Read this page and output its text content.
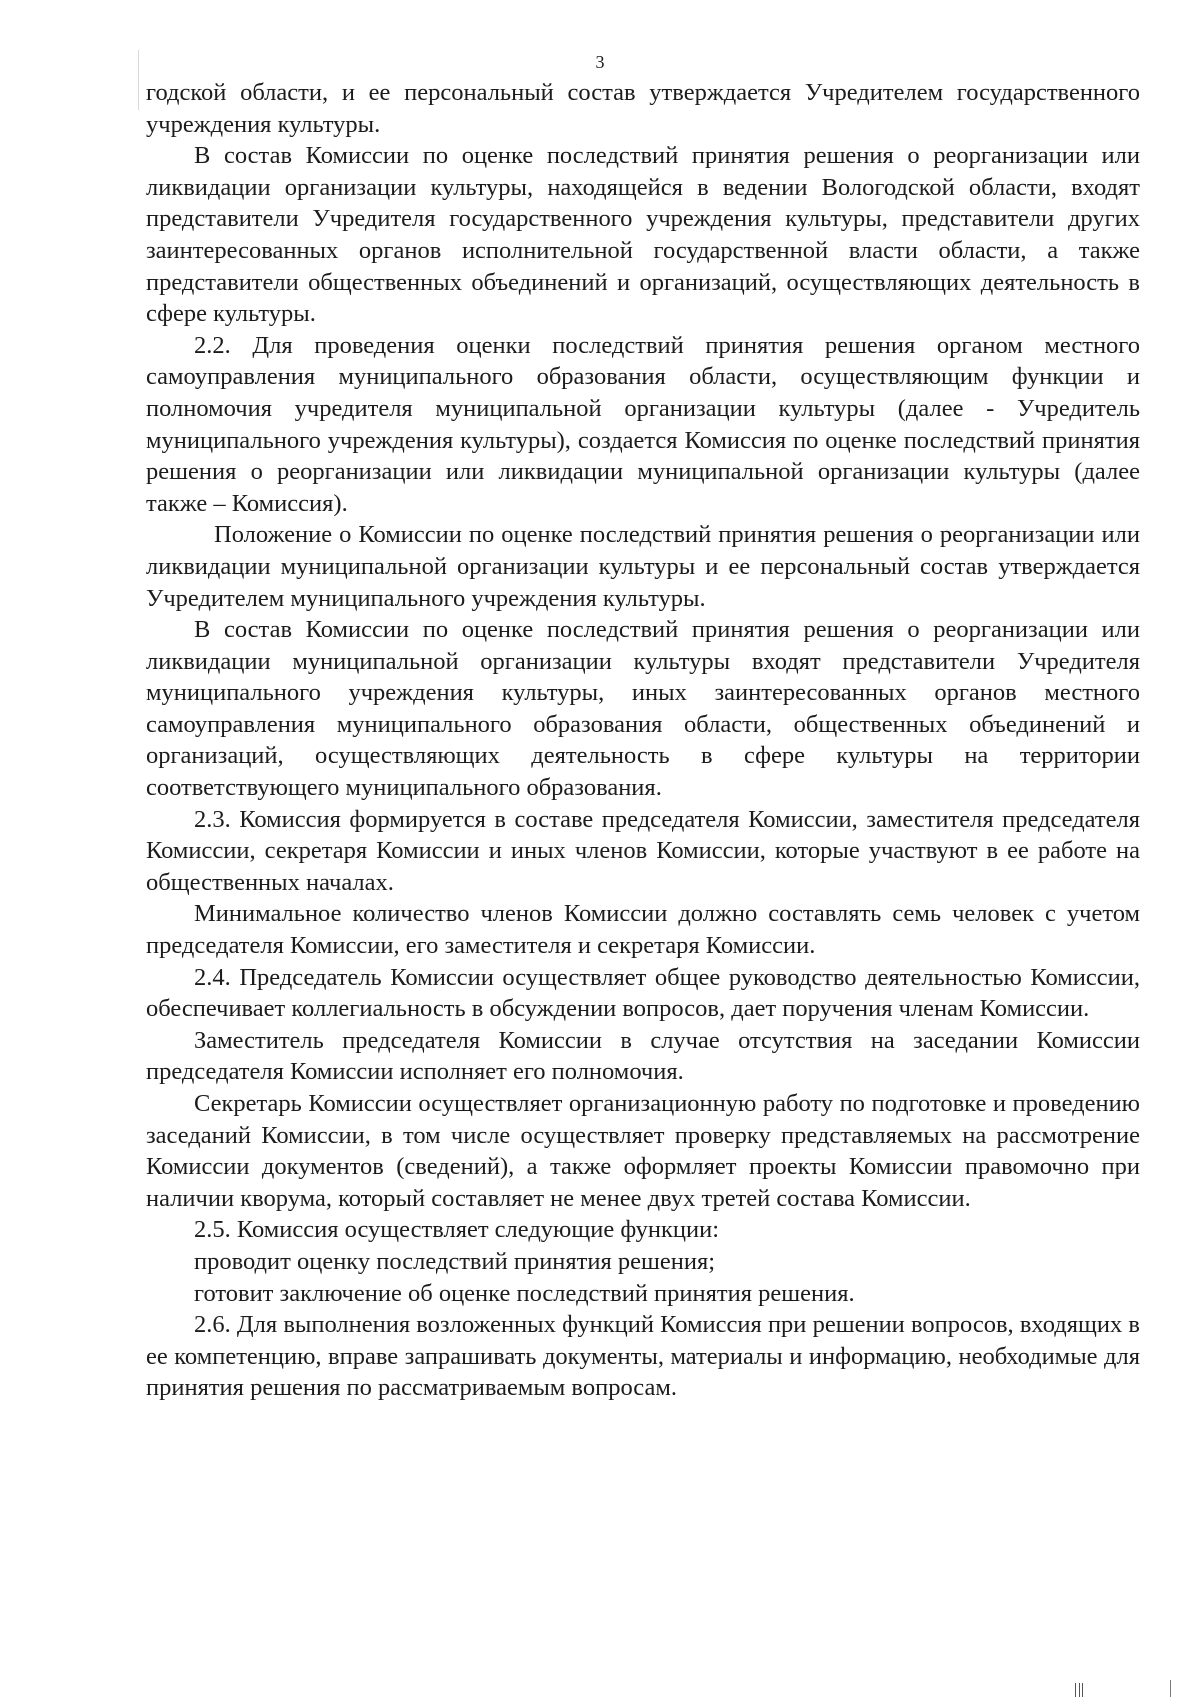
3

годской области, и ее персональный состав утверждается Учредителем государственного учреждения культуры.

В состав Комиссии по оценке последствий принятия решения о реорганизации или ликвидации организации культуры, находящейся в ведении Вологодской области, входят представители Учредителя государственного учреждения культуры, представители других заинтересованных органов исполнительной государственной власти области, а также представители общественных объединений и организаций, осуществляющих деятельность в сфере культуры.

2.2. Для проведения оценки последствий принятия решения органом местного самоуправления муниципального образования области, осуществляющим функции и полномочия учредителя муниципальной организации культуры (далее - Учредитель муниципального учреждения культуры), создается Комиссия по оценке последствий принятия решения о реорганизации или ликвидации муниципальной организации культуры (далее также – Комиссия).

Положение о Комиссии по оценке последствий принятия решения о реорганизации или ликвидации муниципальной организации культуры и ее персональный состав утверждается Учредителем муниципального учреждения культуры.

В состав Комиссии по оценке последствий принятия решения о реорганизации или ликвидации муниципальной организации культуры входят представители Учредителя муниципального учреждения культуры, иных заинтересованных органов местного самоуправления муниципального образования области, общественных объединений и организаций, осуществляющих деятельность в сфере культуры на территории соответствующего муниципального образования.

2.3. Комиссия формируется в составе председателя Комиссии, заместителя председателя Комиссии, секретаря Комиссии и иных членов Комиссии, которые участвуют в ее работе на общественных началах.

Минимальное количество членов Комиссии должно составлять семь человек с учетом председателя Комиссии, его заместителя и секретаря Комиссии.

2.4. Председатель Комиссии осуществляет общее руководство деятельностью Комиссии, обеспечивает коллегиальность в обсуждении вопросов, дает поручения членам Комиссии.

Заместитель председателя Комиссии в случае отсутствия на заседании Комиссии председателя Комиссии исполняет его полномочия.

Секретарь Комиссии осуществляет организационную работу по подготовке и проведению заседаний Комиссии, в том числе осуществляет проверку представляемых на рассмотрение Комиссии документов (сведений), а также оформляет проекты Комиссии правомочно при наличии кворума, который составляет не менее двух третей состава Комиссии.

2.5. Комиссия осуществляет следующие функции:

проводит оценку последствий принятия решения;

готовит заключение об оценке последствий принятия решения.

2.6. Для выполнения возложенных функций Комиссия при решении вопросов, входящих в ее компетенцию, вправе запрашивать документы, материалы и информацию, необходимые для принятия решения по рассматриваемым вопросам.
